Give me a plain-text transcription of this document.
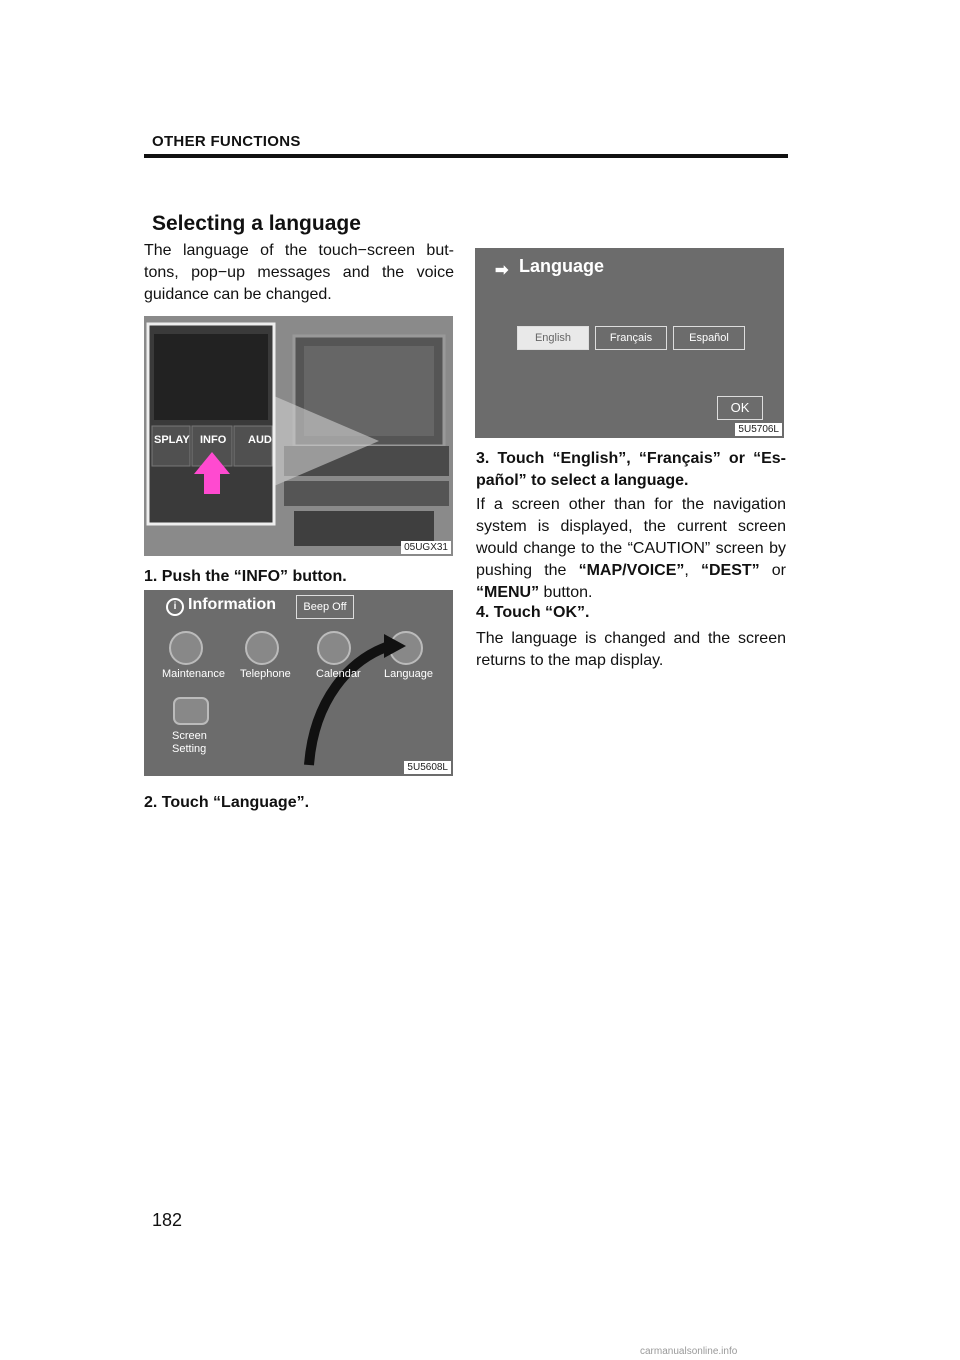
OTHER FUNCTIONS
Selecting a language
The language of the touch−screen but- tons, pop−up messages and the voice guidance can be changed.
SPLAY INFO AUD
05UGX31
1. Push the “INFO” button.
i Information	Beep Off
Maintenance Telephone Calendar Language
Screen Setting
5U5608L
2. Touch “Language”.
➡ Language
English	Français	Español
OK
5U5706L
3. Touch “English”, “Français” or “Es- pañol” to select a language.
If a screen other than for the navigation system is displayed, the current screen would change to the “CAUTION” screen by pushing the “MAP/VOICE”, “DEST” or “MENU” button.
4. Touch “OK”.
The language is changed and the screen returns to the map display.
182
carmanualsonline.info
